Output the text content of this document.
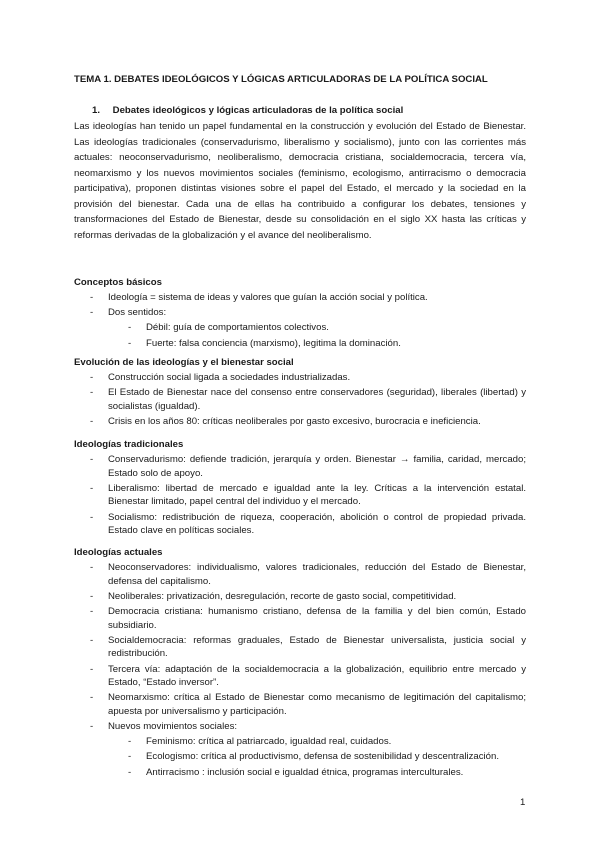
TEMA 1. DEBATES IDEOLÓGICOS Y LÓGICAS ARTICULADORAS DE LA POLÍTICA SOCIAL
1. Debates ideológicos y lógicas articuladoras de la política social
Las ideologías han tenido un papel fundamental en la construcción y evolución del Estado de Bienestar. Las ideologías tradicionales (conservadurismo, liberalismo y socialismo), junto con las corrientes más actuales: neoconservadurismo, neoliberalismo, democracia cristiana, socialdemocracia, tercera vía, neomarxismo y los nuevos movimientos sociales (feminismo, ecologismo, antirracismo o democracia participativa), proponen distintas visiones sobre el papel del Estado, el mercado y la sociedad en la provisión del bienestar. Cada una de ellas ha contribuido a configurar los debates, tensiones y transformaciones del Estado de Bienestar, desde su consolidación en el siglo XX hasta las críticas y reformas derivadas de la globalización y el avance del neoliberalismo.
Conceptos básicos
- Ideología = sistema de ideas y valores que guían la acción social y política.
- Dos sentidos:
- Débil: guía de comportamientos colectivos.
- Fuerte: falsa conciencia (marxismo), legitima la dominación.
Evolución de las ideologías y el bienestar social
- Construcción social ligada a sociedades industrializadas.
- El Estado de Bienestar nace del consenso entre conservadores (seguridad), liberales (libertad) y socialistas (igualdad).
- Crisis en los años 80: críticas neoliberales por gasto excesivo, burocracia e ineficiencia.
Ideologías tradicionales
- Conservadurismo: defiende tradición, jerarquía y orden. Bienestar → familia, caridad, mercado; Estado solo de apoyo.
- Liberalismo: libertad de mercado e igualdad ante la ley. Críticas a la intervención estatal. Bienestar limitado, papel central del individuo y el mercado.
- Socialismo: redistribución de riqueza, cooperación, abolición o control de propiedad privada. Estado clave en políticas sociales.
Ideologías actuales
- Neoconservadores: individualismo, valores tradicionales, reducción del Estado de Bienestar, defensa del capitalismo.
- Neoliberales: privatización, desregulación, recorte de gasto social, competitividad.
- Democracia cristiana: humanismo cristiano, defensa de la familia y del bien común, Estado subsidiario.
- Socialdemocracia: reformas graduales, Estado de Bienestar universalista, justicia social y redistribución.
- Tercera vía: adaptación de la socialdemocracia a la globalización, equilibrio entre mercado y Estado, “Estado inversor”.
- Neomarxismo: crítica al Estado de Bienestar como mecanismo de legitimación del capitalismo; apuesta por universalismo y participación.
- Nuevos movimientos sociales:
- Feminismo: crítica al patriarcado, igualdad real, cuidados.
- Ecologismo: crítica al productivismo, defensa de sostenibilidad y descentralización.
- Antirracismo : inclusión social e igualdad étnica, programas interculturales.
1
